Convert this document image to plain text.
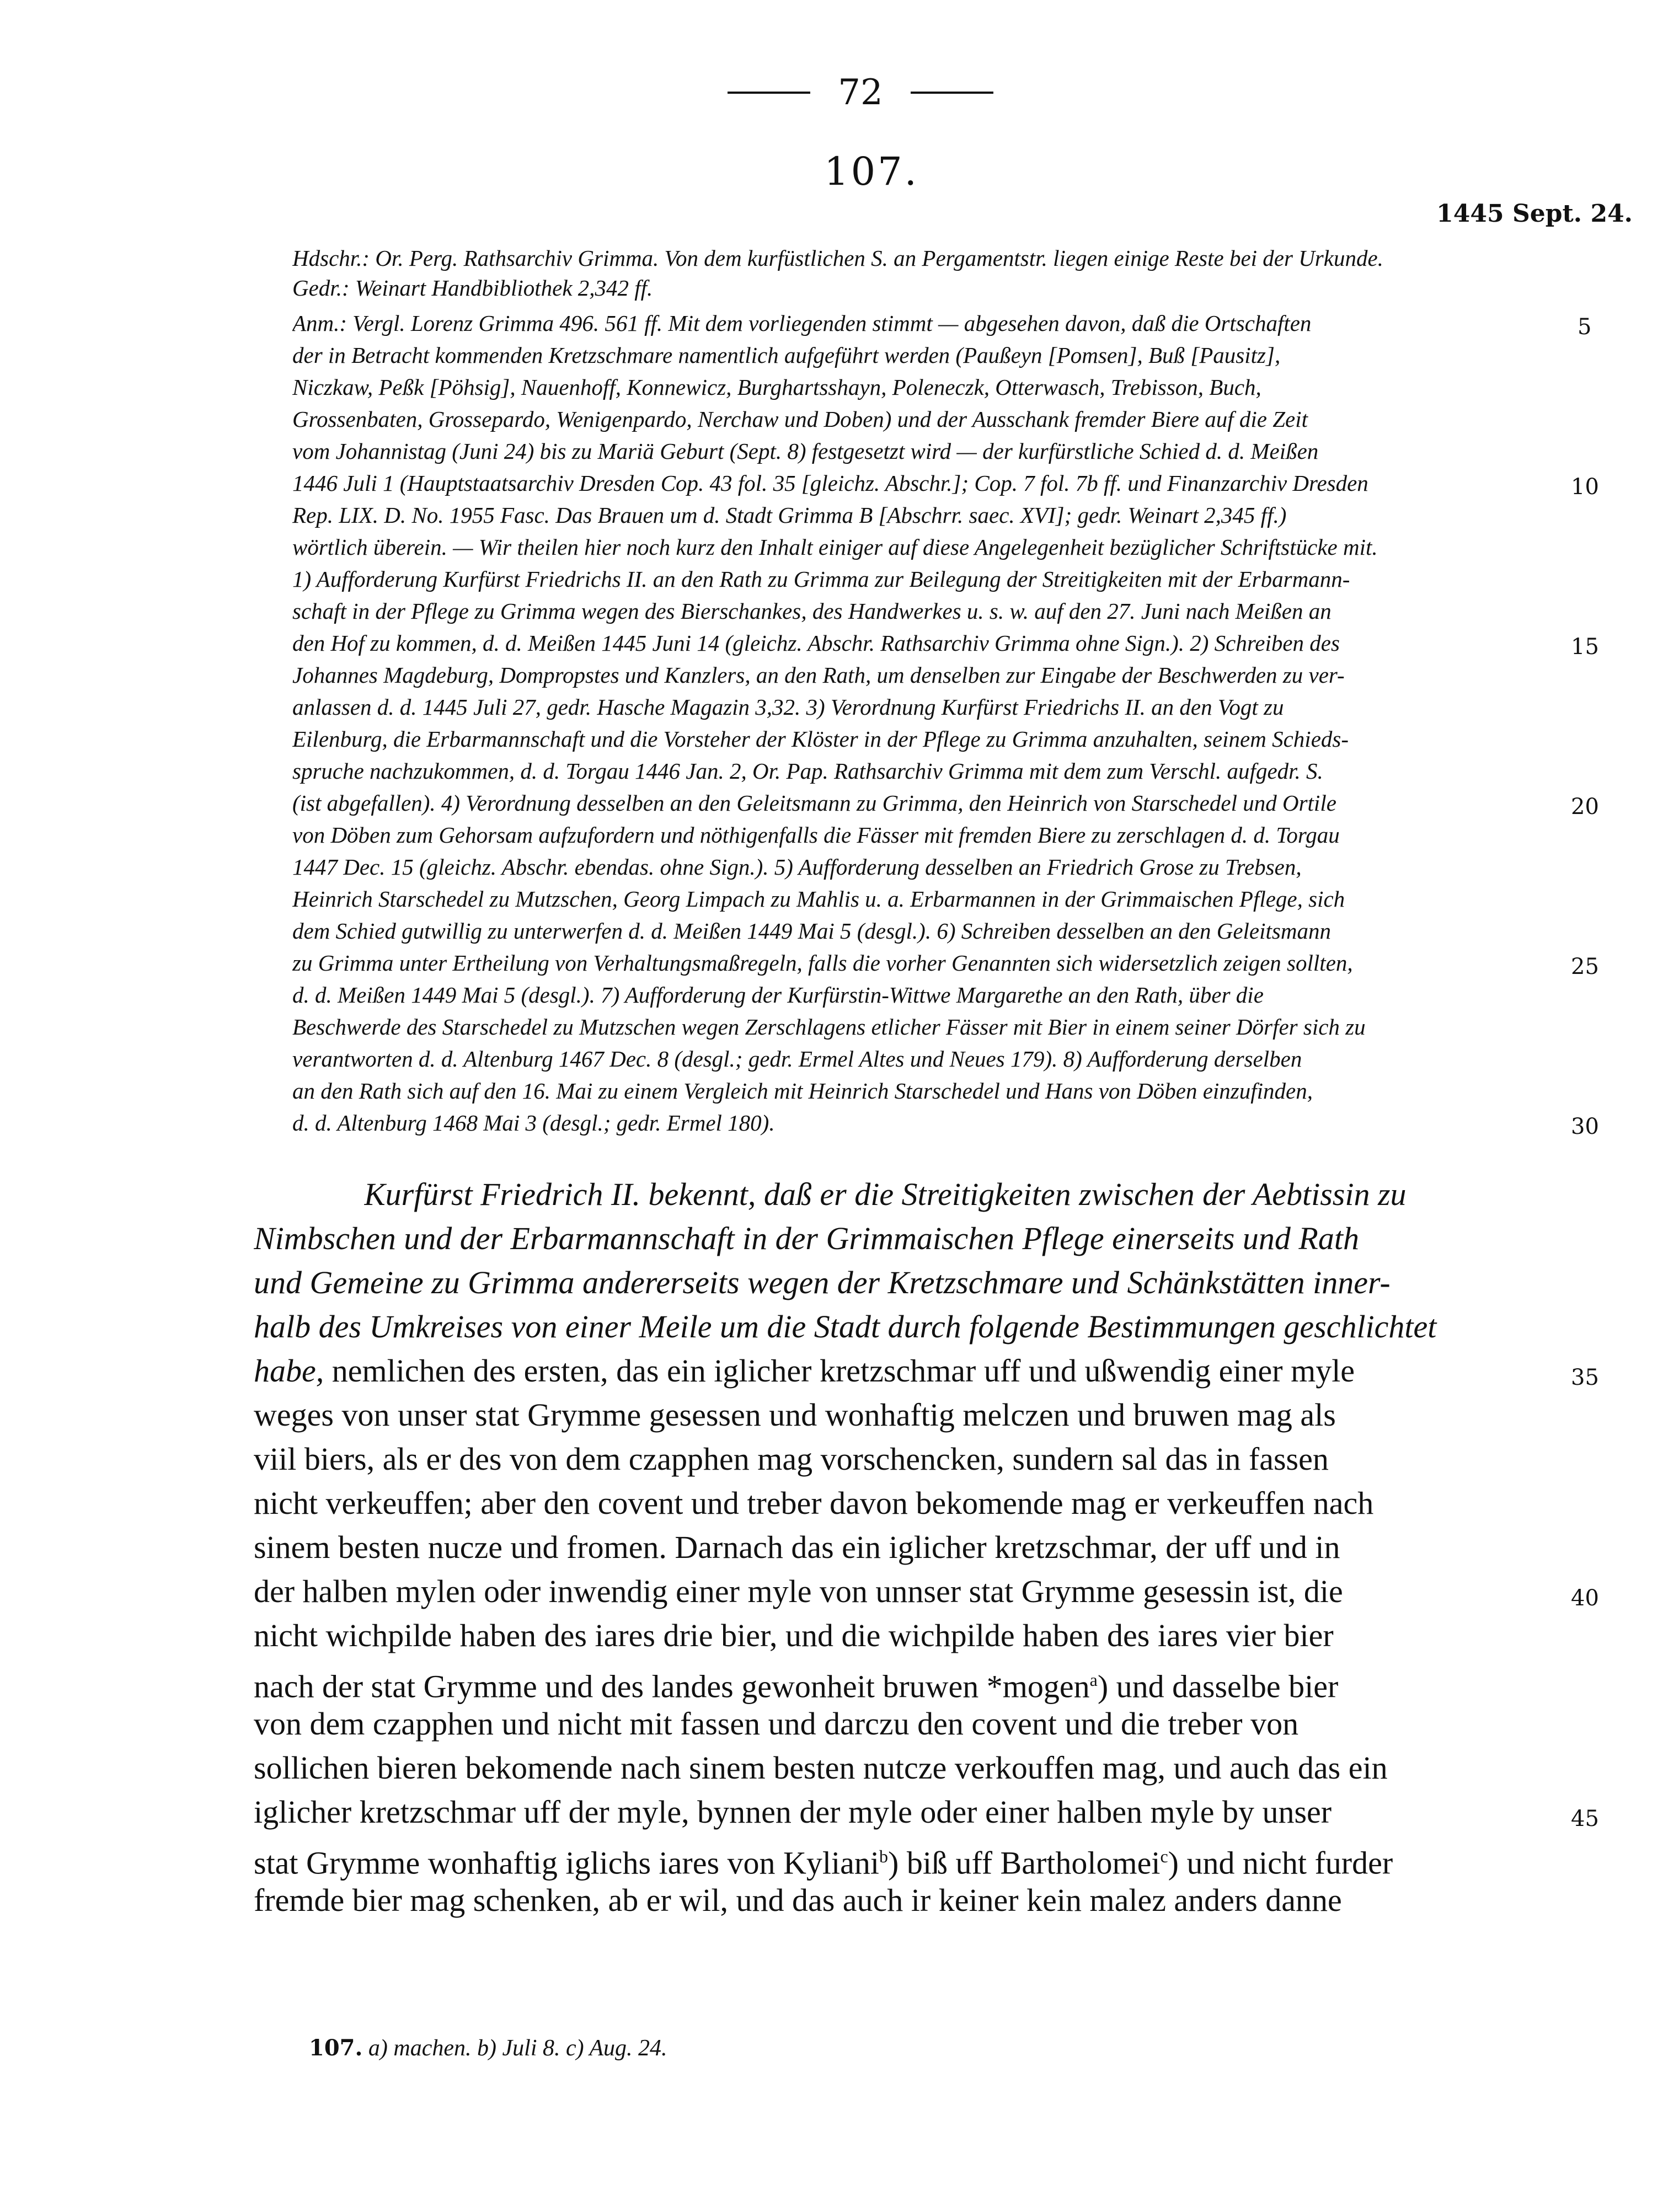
72
107.
1445 Sept. 24.
Hdschr.: Or. Perg. Rathsarchiv Grimma. Von dem kurfüstlichen S. an Pergamentstr. liegen einige Reste bei der Urkunde.
Gedr.: Weinart Handbibliothek 2,342 ff.
Anm.: Vergl. Lorenz Grimma 496. 561 ff. Mit dem vorliegenden stimmt — abgesehen davon, daß die Ortschaften
der in Betracht kommenden Kretzschmare namentlich aufgeführt werden (Paußeyn [Pomsen], Buß [Pausitz],
Niczkaw, Peßk [Pöhsig], Nauenhoff, Konnewicz, Burghartsshayn, Poleneczk, Otterwasch, Trebisson, Buch,
Grossenbaten, Grossepardo, Wenigenpardo, Nerchaw und Doben) und der Ausschank fremder Biere auf die Zeit
vom Johannistag (Juni 24) bis zu Mariä Geburt (Sept. 8) festgesetzt wird — der kurfürstliche Schied d. d. Meißen
1446 Juli 1 (Hauptstaatsarchiv Dresden Cop. 43 fol. 35 [gleichz. Abschr.]; Cop. 7 fol. 7b ff. und Finanzarchiv Dresden
Rep. LIX. D. No. 1955 Fasc. Das Brauen um d. Stadt Grimma B [Abschrr. saec. XVI]; gedr. Weinart 2,345 ff.)
wörtlich überein. — Wir theilen hier noch kurz den Inhalt einiger auf diese Angelegenheit bezüglicher Schriftstücke mit.
1) Aufforderung Kurfürst Friedrichs II. an den Rath zu Grimma zur Beilegung der Streitigkeiten mit der Erbarmann-
schaft in der Pflege zu Grimma wegen des Bierschankes, des Handwerkes u. s. w. auf den 27. Juni nach Meißen an
den Hof zu kommen, d. d. Meißen 1445 Juni 14 (gleichz. Abschr. Rathsarchiv Grimma ohne Sign.). 2) Schreiben des
Johannes Magdeburg, Dompropstes und Kanzlers, an den Rath, um denselben zur Eingabe der Beschwerden zu ver-
anlassen d. d. 1445 Juli 27, gedr. Hasche Magazin 3,32. 3) Verordnung Kurfürst Friedrichs II. an den Vogt zu
Eilenburg, die Erbarmannschaft und die Vorsteher der Klöster in der Pflege zu Grimma anzuhalten, seinem Schieds-
spruche nachzukommen, d. d. Torgau 1446 Jan. 2, Or. Pap. Rathsarchiv Grimma mit dem zum Verschl. aufgedr. S.
(ist abgefallen). 4) Verordnung desselben an den Geleitsmann zu Grimma, den Heinrich von Starschedel und Ortile
von Döben zum Gehorsam aufzufordern und nöthigenfalls die Fässer mit fremden Biere zu zerschlagen d. d. Torgau
1447 Dec. 15 (gleichz. Abschr. ebendas. ohne Sign.). 5) Aufforderung desselben an Friedrich Grose zu Trebsen,
Heinrich Starschedel zu Mutzschen, Georg Limpach zu Mahlis u. a. Erbarmannen in der Grimmaischen Pflege, sich
dem Schied gutwillig zu unterwerfen d. d. Meißen 1449 Mai 5 (desgl.). 6) Schreiben desselben an den Geleitsmann
zu Grimma unter Ertheilung von Verhaltungsmaßregeln, falls die vorher Genannten sich widersetzlich zeigen sollten,
d. d. Meißen 1449 Mai 5 (desgl.). 7) Aufforderung der Kurfürstin-Wittwe Margarethe an den Rath, über die
Beschwerde des Starschedel zu Mutzschen wegen Zerschlagens etlicher Fässer mit Bier in einem seiner Dörfer sich zu
verantworten d. d. Altenburg 1467 Dec. 8 (desgl.; gedr. Ermel Altes und Neues 179). 8) Aufforderung derselben
an den Rath sich auf den 16. Mai zu einem Vergleich mit Heinrich Starschedel und Hans von Döben einzufinden,
d. d. Altenburg 1468 Mai 3 (desgl.; gedr. Ermel 180).
Kurfürst Friedrich II. bekennt, daß er die Streitigkeiten zwischen der Aebtissin zu
Nimbschen und der Erbarmannschaft in der Grimmaischen Pflege einerseits und Rath
und Gemeine zu Grimma andererseits wegen der Kretzschmare und Schänkstätten inner-
halb des Umkreises von einer Meile um die Stadt durch folgende Bestimmungen geschlichtet
habe, nemlichen des ersten, das ein iglicher kretzschmar uff und ußwendig einer myle
weges von unser stat Grymme gesessen und wonhaftig melczen und bruwen mag als
viil biers, als er des von dem czapphen mag vorschencken, sundern sal das in fassen
nicht verkeuffen; aber den covent und treber davon bekomende mag er verkeuffen nach
sinem besten nucze und fromen. Darnach das ein iglicher kretzschmar, der uff und in
der halben mylen oder inwendig einer myle von unnser stat Grymme gesessin ist, die
nicht wichpilde haben des iares drie bier, und die wichpilde haben des iares vier bier
nach der stat Grymme und des landes gewonheit bruwen *mogen$^a$) und dasselbe bier
von dem czapphen und nicht mit fassen und darczu den covent und die treber von
sollichen bieren bekomende nach sinem besten nutcze verkouffen mag, und auch das ein
iglicher kretzschmar uff der myle, bynnen der myle oder einer halben myle by unser
stat Grymme wonhaftig iglichs iares von Kyliani$^b$) biß uff Bartholomei$^c$) und nicht furder
fremde bier mag schenken, ab er wil, und das auch ir keiner kein malez anders danne
5
10
15
20
25
30
35
40
45
107. a) machen. b) Juli 8. c) Aug. 24.
